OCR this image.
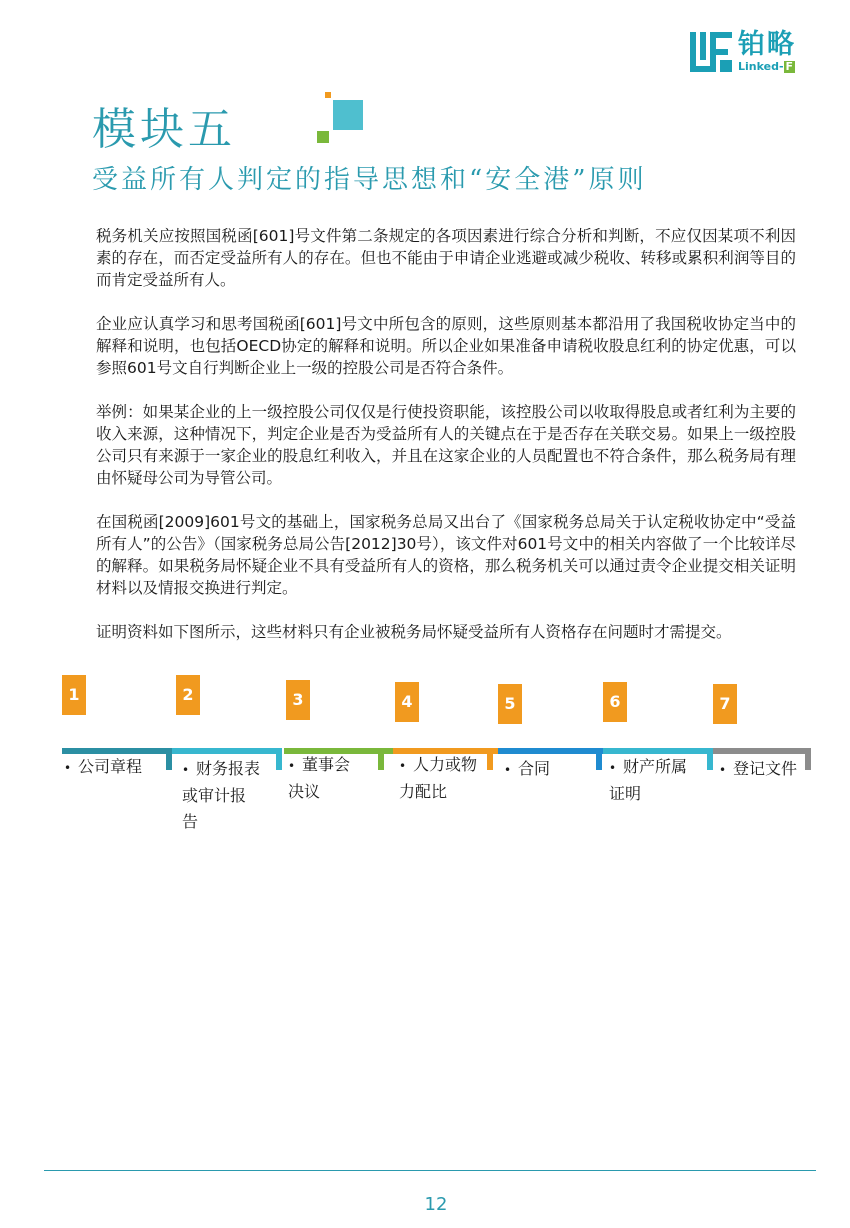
铂略
Linked- F
模块五
受益所有人判定的指导思想和“安全港”原则

税务机关应按照国税函[601]号文件第二条规定的各项因素进行综合分析和判断，不应仅因某项不利因素的存在，而否定受益所有人的存在。但也不能由于申请企业逃避或减少税收、转移或累积利润等目的而肯定受益所有人。

企业应认真学习和思考国税函[601]号文中所包含的原则，这些原则基本都沿用了我国税收协定当中的解释和说明，也包括OECD协定的解释和说明。所以企业如果准备申请税收股息红利的协定优惠，可以参照601号文自行判断企业上一级的控股公司是否符合条件。

举例：如果某企业的上一级控股公司仅仅是行使投资职能，该控股公司以收取得股息或者红利为主要的收入来源，这种情况下，判定企业是否为受益所有人的关键点在于是否存在关联交易。如果上一级控股公司只有来源于一家企业的股息红利收入，并且在这家企业的人员配置也不符合条件，那么税务局有理由怀疑母公司为导管公司。

在国税函[2009]601号文的基础上，国家税务总局又出台了《国家税务总局关于认定税收协定中“受益所有人”的公告》（国家税务总局公告[2012]30号），该文件对601号文中的相关内容做了一个比较详尽的解释。如果税务局怀疑企业不具有受益所有人的资格，那么税务机关可以通过责令企业提交相关证明材料以及情报交换进行判定。

证明资料如下图所示，这些材料只有企业被税务局怀疑受益所有人资格存在问题时才需提交。

1
• 公司章程
2
• 财务报表或审计报告
3
• 董事会决议
4
• 人力或物力配比
5
• 合同
6
• 财产所属证明
7
• 登记文件
12
